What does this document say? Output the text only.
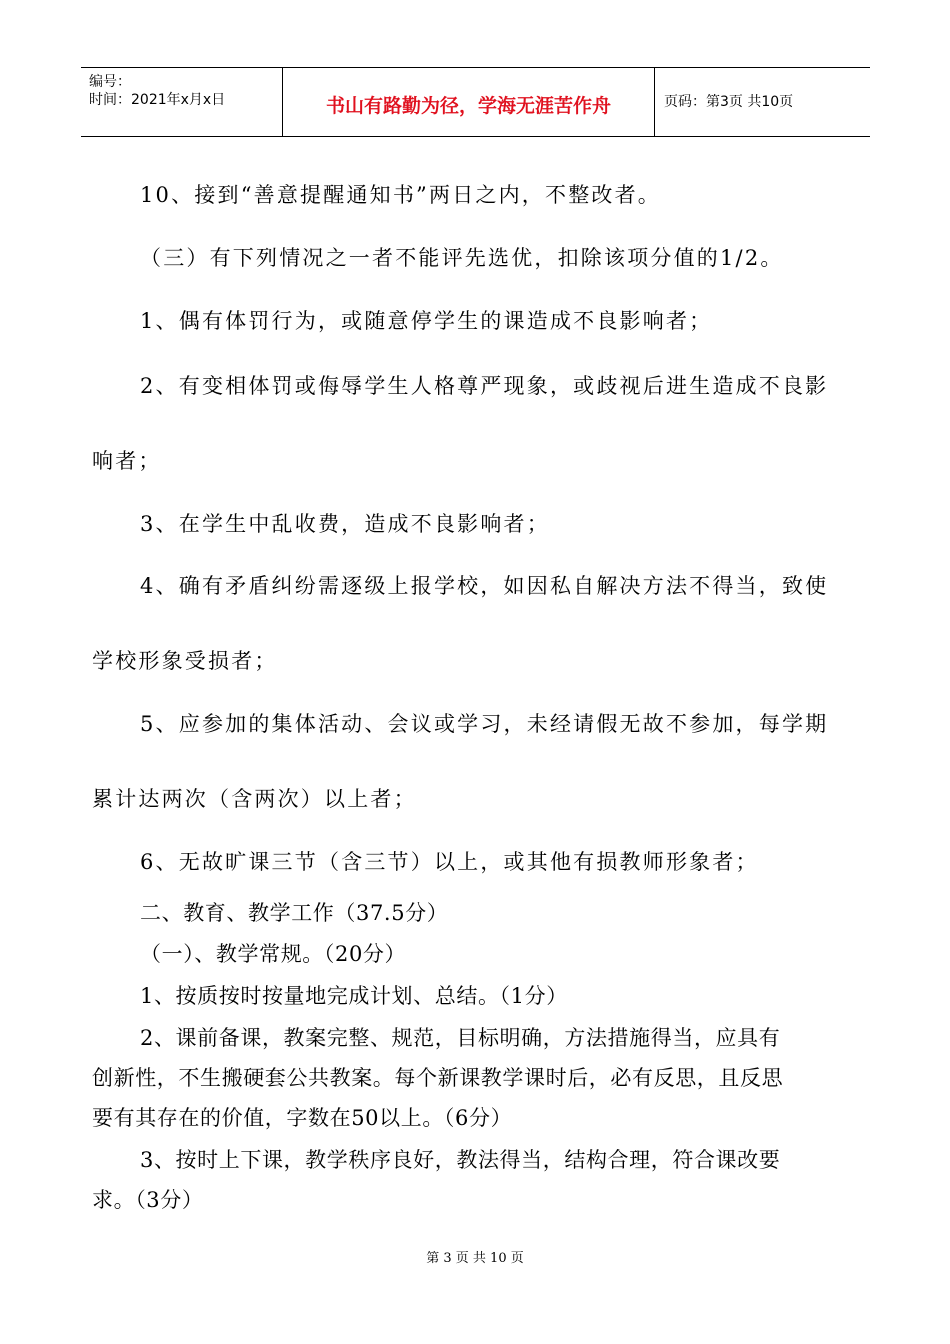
编号：
时间：2021年x月x日	书山有路勤为径，学海无涯苦作舟	页码：第3页 共10页
10、接到“善意提醒通知书”两日之内，不整改者。
（三）有下列情况之一者不能评先选优，扣除该项分值的1/2。
1、偶有体罚行为，或随意停学生的课造成不良影响者；
2、有变相体罚或侮辱学生人格尊严现象，或歧视后进生造成不良影
响者；
3、在学生中乱收费，造成不良影响者；
4、确有矛盾纠纷需逐级上报学校，如因私自解决方法不得当，致使
学校形象受损者；
5、应参加的集体活动、会议或学习，未经请假无故不参加，每学期
累计达两次（含两次）以上者；
6、无故旷课三节（含三节）以上，或其他有损教师形象者；
二、教育、教学工作（37.5分）
（一）、教学常规。（20分）
1、按质按时按量地完成计划、总结。（1分）
2、课前备课，教案完整、规范，目标明确，方法措施得当，应具有
创新性，不生搬硬套公共教案。每个新课教学课时后，必有反思，且反思
要有其存在的价值，字数在50以上。（6分）
3、按时上下课，教学秩序良好，教法得当，结构合理，符合课改要
求。（3分）
第 3 页 共 10 页
